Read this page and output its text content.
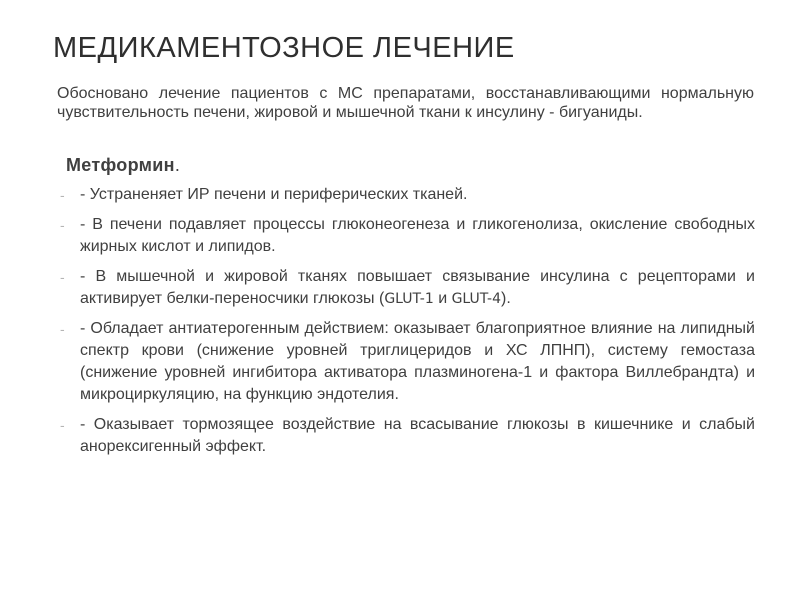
МЕДИКАМЕНТОЗНОЕ ЛЕЧЕНИЕ

Обосновано лечение пациентов с МС препаратами, восстанавливающими нормальную чувствительность печени, жировой и мышечной ткани к инсулину - бигуаниды.

Метформин.

- - Устраненяет ИР печени и периферических тканей.
- - В печени подавляет процессы глюконеогенеза и гликогенолиза, окисление свободных жирных кислот и липидов.
- - В мышечной и жировой тканях повышает связывание инсулина с рецепторами и активирует белки-переносчики глюкозы (GLUT-1 и GLUT-4).
- - Обладает антиатерогенным действием: оказывает благоприятное влияние на липидный спектр крови (снижение уровней триглицеридов и ХС ЛПНП), систему гемостаза (снижение уровней ингибитора активатора плазминогена-1 и фактора Виллебрандта) и микроциркуляцию, на функцию эндотелия.
- - Оказывает тормозящее воздействие на всасывание глюкозы в кишечнике и слабый анорексигенный эффект.
